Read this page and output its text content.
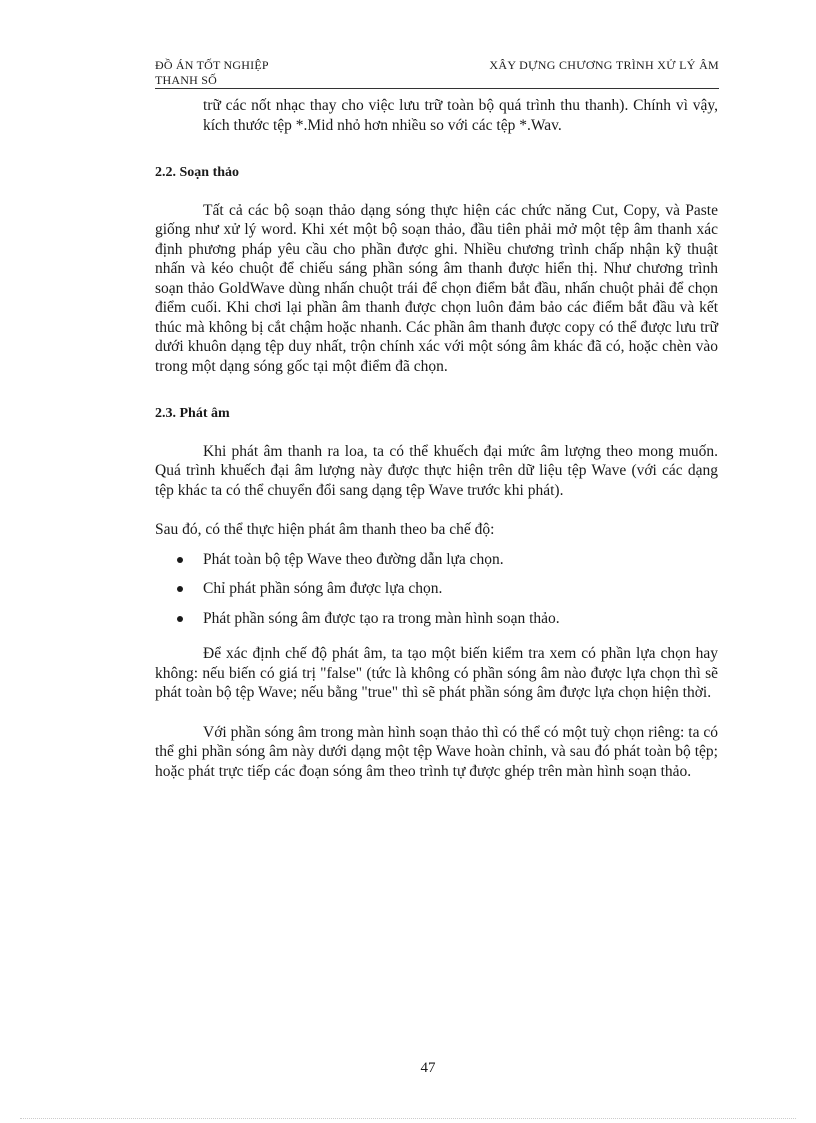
ĐỒ ÁN TỐT NGHIỆP
THANH SỐ
XÂY DỰNG CHƯƠNG TRÌNH XỬ LÝ ÂM

trữ các nốt nhạc thay cho việc lưu trữ toàn bộ quá trình thu thanh). Chính vì vậy, kích thước tệp *.Mid nhỏ hơn nhiều so với các tệp *.Wav.

2.2. Soạn thảo

Tất cả các bộ soạn thảo dạng sóng thực hiện các chức năng Cut, Copy, và Paste giống như xử lý word. Khi xét một bộ soạn thảo, đầu tiên phải mở một tệp âm thanh xác định phương pháp yêu cầu cho phần được ghi. Nhiều chương trình chấp nhận kỹ thuật nhấn và kéo chuột để chiếu sáng phần sóng âm thanh được hiển thị. Như chương trình soạn thảo GoldWave dùng nhấn chuột trái để chọn điểm bắt đầu, nhấn chuột phải để chọn điểm cuối. Khi chơi lại phần âm thanh được chọn luôn đảm bảo các điểm bắt đầu và kết thúc mà không bị cắt chậm hoặc nhanh. Các phần âm thanh được copy có thể được lưu trữ dưới khuôn dạng tệp duy nhất, trộn chính xác với một sóng âm khác đã có, hoặc chèn vào trong một dạng sóng gốc tại một điểm đã chọn.

2.3. Phát âm

Khi phát âm thanh ra loa, ta có thể khuếch đại mức âm lượng theo mong muốn. Quá trình khuếch đại âm lượng này được thực hiện trên dữ liệu tệp Wave (với các dạng tệp khác ta có thể chuyển đổi sang dạng tệp Wave trước khi phát).

Sau đó, có thể thực hiện phát âm thanh theo ba chế độ:

Phát toàn bộ tệp Wave theo đường dẫn lựa chọn.
Chỉ phát phần sóng âm được lựa chọn.
Phát phần sóng âm được tạo ra trong màn hình soạn thảo.

Để xác định chế độ phát âm, ta tạo một biến kiểm tra xem có phần lựa chọn hay không: nếu biến có giá trị "false" (tức là không có phần sóng âm nào được lựa chọn thì sẽ phát toàn bộ tệp Wave; nếu bằng "true" thì sẽ phát phần sóng âm được lựa chọn hiện thời.

Với phần sóng âm trong màn hình soạn thảo thì có thể có một tuỳ chọn riêng: ta có thể ghi phần sóng âm này dưới dạng một tệp Wave hoàn chỉnh, và sau đó phát toàn bộ tệp; hoặc phát trực tiếp các đoạn sóng âm theo trình tự được ghép trên màn hình soạn thảo.

47
